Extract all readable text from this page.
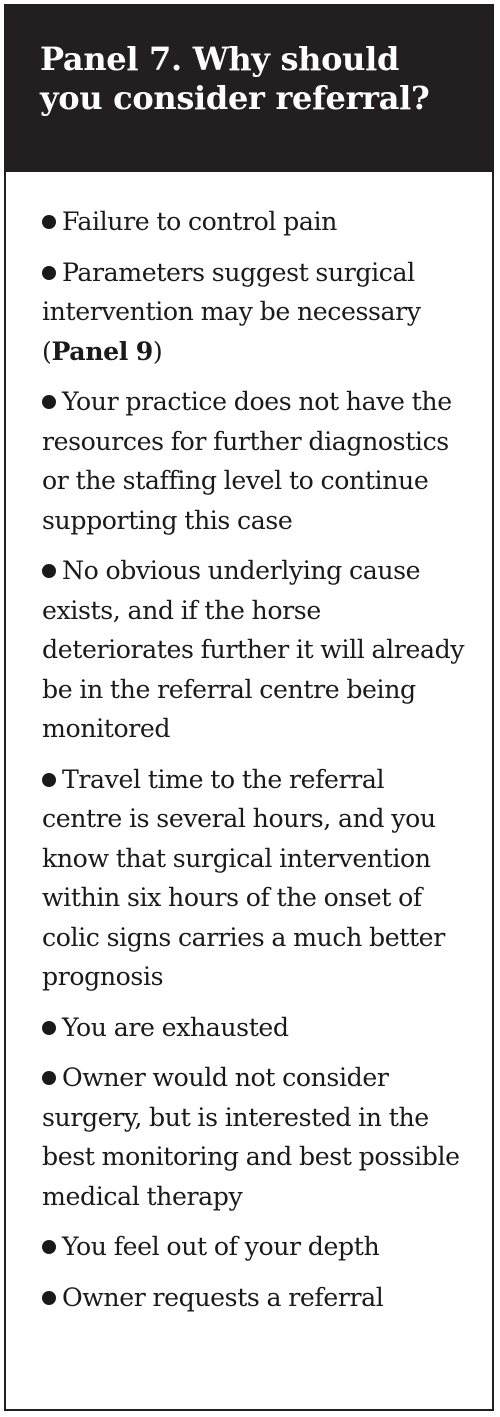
Panel 7. Why should you consider referral?
Failure to control pain
Parameters suggest surgical intervention may be necessary (Panel 9)
Your practice does not have the resources for further diagnostics or the staffing level to continue supporting this case
No obvious underlying cause exists, and if the horse deteriorates further it will already be in the referral centre being monitored
Travel time to the referral centre is several hours, and you know that surgical intervention within six hours of the onset of colic signs carries a much better prognosis
You are exhausted
Owner would not consider surgery, but is interested in the best monitoring and best possible medical therapy
You feel out of your depth
Owner requests a referral
